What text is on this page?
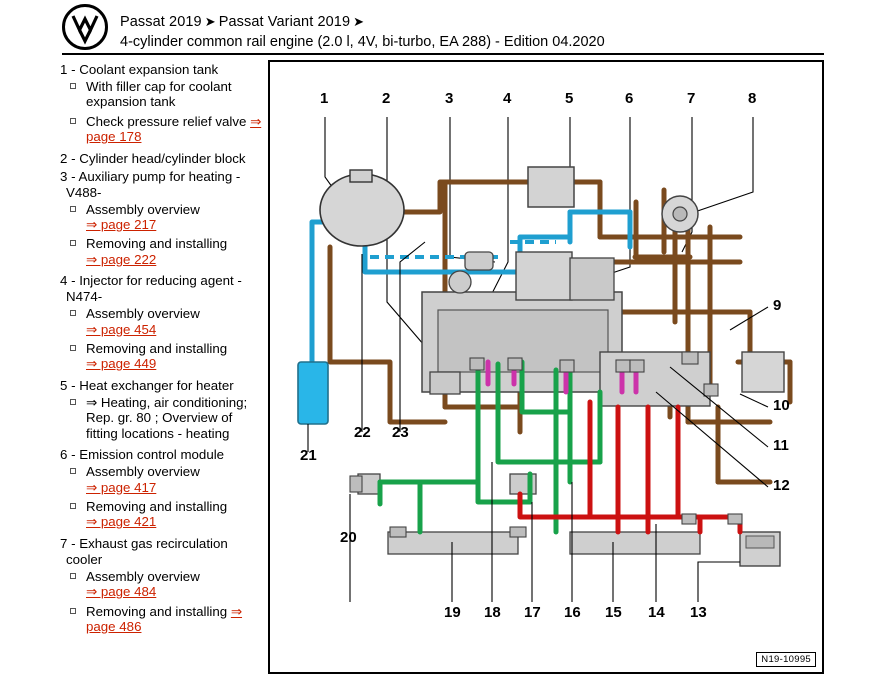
Passat 2019 ➤ Passat Variant 2019 ➤
4-cylinder common rail engine (2.0 l, 4V, bi-turbo, EA 288) - Edition 04.2020
1 - Coolant expansion tank
With filler cap for coolant expansion tank
Check pressure relief valve ⇒ page 178
2 - Cylinder head/cylinder block
3 - Auxiliary pump for heating -V488-
Assembly overview
⇒ page 217
Removing and installing
⇒ page 222
4 - Injector for reducing agent -N474-
Assembly overview
⇒ page 454
Removing and installing
⇒ page 449
5 - Heat exchanger for heater
⇒ Heating, air conditioning; Rep. gr. 80 ; Overview of fitting locations - heating
6 - Emission control module
Assembly overview
⇒ page 417
Removing and installing
⇒ page 421
7 - Exhaust gas recirculation cooler
Assembly overview
⇒ page 484
Removing and installing ⇒ page 486
1	2	3	4	5	6	7	8
9
10
11
12
21
22 23
20
19 18 17 16 15 14 13
N19-10995
